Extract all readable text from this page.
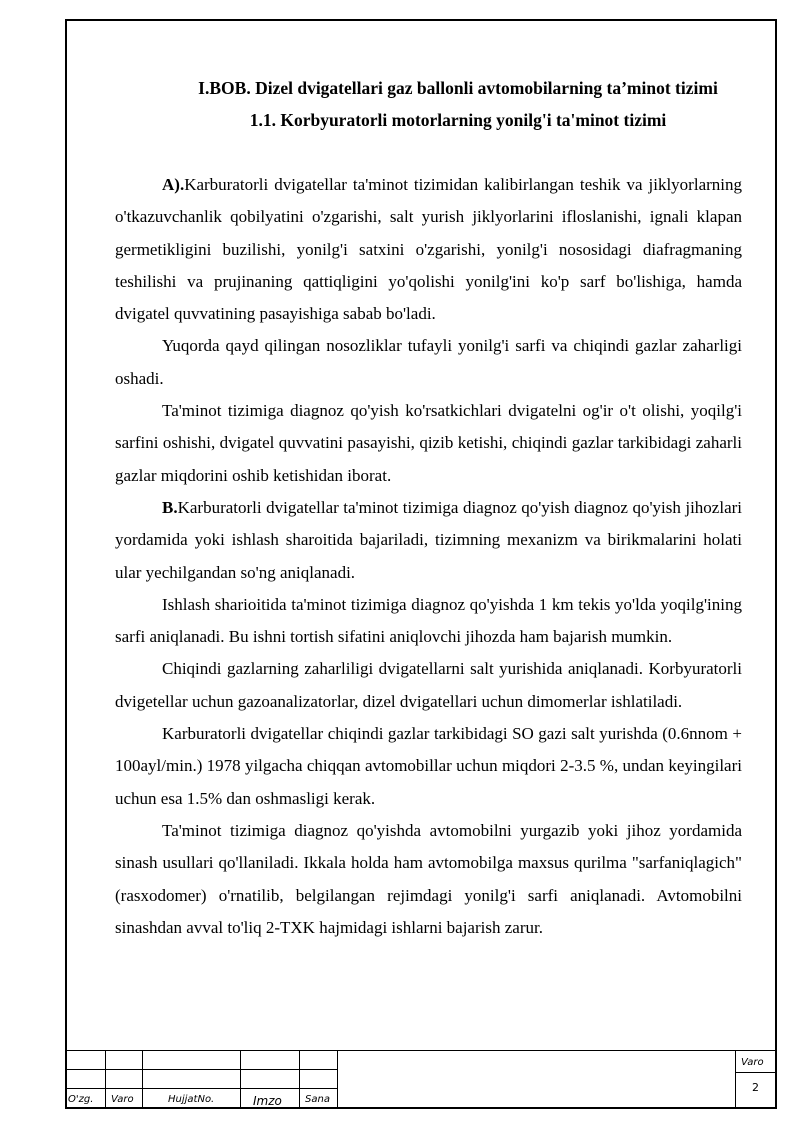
I.BOB. Dizel dvigatellari gaz ballonli avtomobilarning ta’minot tizimi
1.1. Korbyuratorli motorlarning yonilg'i ta'minot tizimi

A).Karburatorli dvigatellar ta'minot tizimidan kalibirlangan teshik va jiklyorlarning o'tkazuvchanlik qobilyatini o'zgarishi, salt yurish jiklyorlarini ifloslanishi, ignali klapan germetikligini buzilishi, yonilg'i satxini o'zgarishi, yonilg'i nososidagi diafragmaning teshilishi va prujinaning qattiqligini yo'qolishi yonilg'ini ko'p sarf bo'lishiga, hamda dvigatel quvvatining pasayishiga sabab bo'ladi.

Yuqorda qayd qilingan nosozliklar tufayli yonilg'i sarfi va chiqindi gazlar zaharligi oshadi.

Ta'minot tizimiga diagnoz qo'yish ko'rsatkichlari dvigatelni og'ir o't olishi, yoqilg'i sarfini oshishi, dvigatel quvvatini pasayishi, qizib ketishi, chiqindi gazlar tarkibidagi zaharli gazlar miqdorini oshib ketishidan iborat.

B.Karburatorli dvigatellar ta'minot tizimiga diagnoz qo'yish diagnoz qo'yish jihozlari yordamida yoki ishlash sharoitida bajariladi, tizimning mexanizm va birikmalarini holati ular yechilgandan so'ng aniqlanadi.

Ishlash sharioitida ta'minot tizimiga diagnoz qo'yishda 1 km tekis yo'lda yoqilg'ining sarfi aniqlanadi. Bu ishni tortish sifatini aniqlovchi jihozda ham bajarish mumkin.

Chiqindi gazlarning zaharliligi dvigatellarni salt yurishida aniqlanadi. Korbyuratorli dvigetellar uchun gazoanalizatorlar, dizel dvigatellari uchun dimomerlar ishlatiladi.

Karburatorli dvigatellar chiqindi gazlar tarkibidagi SO gazi salt yurishda (0.6nnom + 100ayl/min.) 1978 yilgacha chiqqan avtomobillar uchun miqdori 2-3.5 %, undan keyingilari uchun esa 1.5% dan oshmasligi kerak.

Ta'minot tizimiga diagnoz qo'yishda avtomobilni yurgazib yoki jihoz yordamida sinash usullari qo'llaniladi. Ikkala holda ham avtomobilga maxsus qurilma "sarfaniqlagich" (rasxodomer) o'rnatilib, belgilangan rejimdagi yonilg'i sarfi aniqlanadi. Avtomobilni sinashdan avval to'liq 2-TXK hajmidagi ishlarni bajarish zarur.

O'zg. Varo	HujjatNo.	Imzo Sana
Varo
2
